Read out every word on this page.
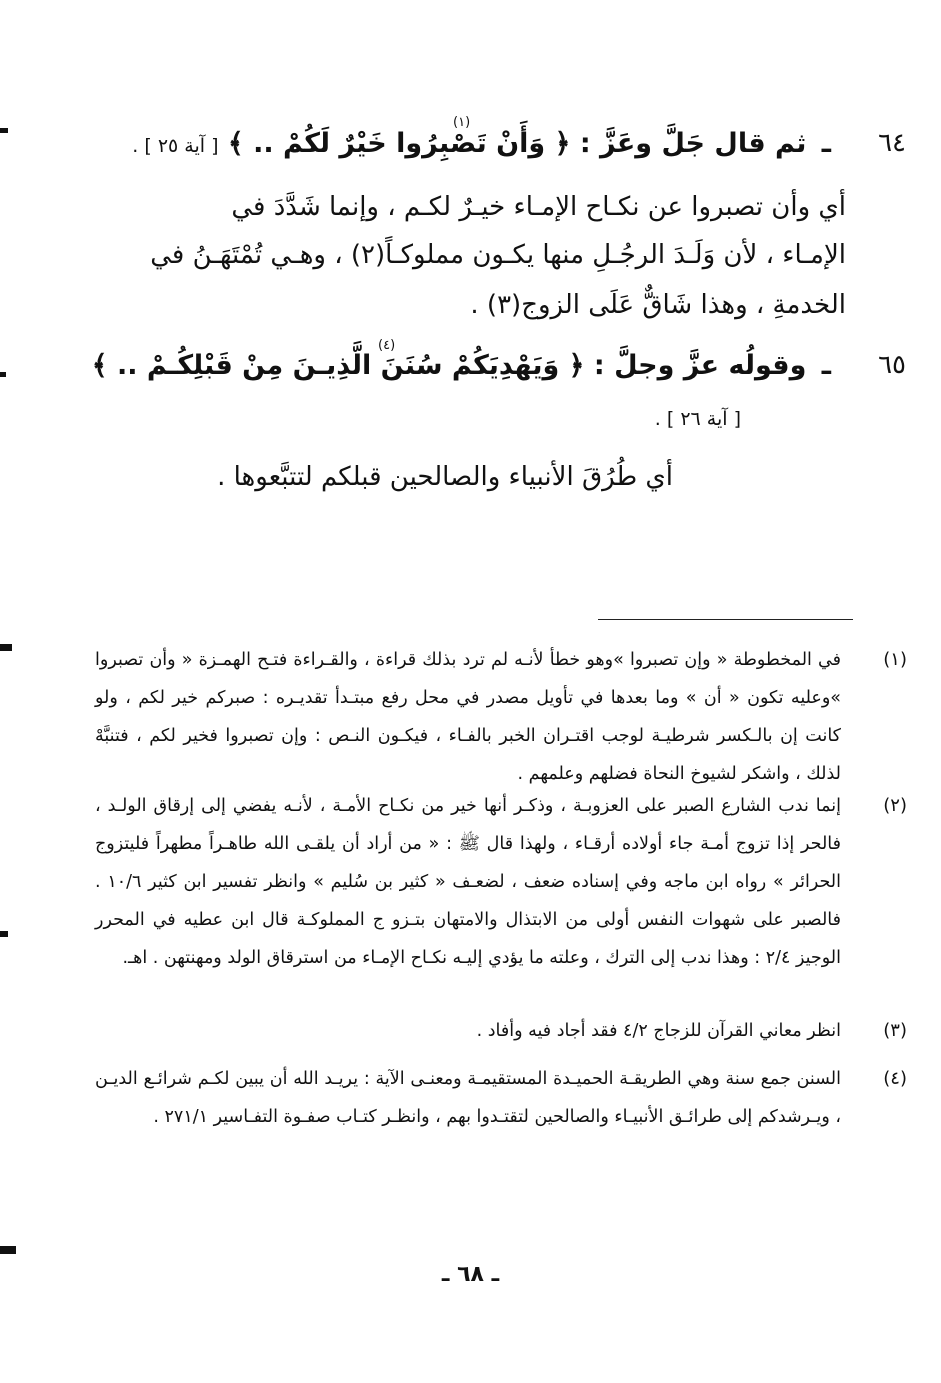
٦٤
ـ ثم قال جَلَّ وعَزَّ : ﴿ وَأَنْ تَصْبِرُوا خَيْرٌ لَكُمْ .. ﴾ [ آية ٢٥ ] .
(١)
أي وأن تصبروا عن نكـاح الإمـاء خيـرٌ لكـم ، وإنما شَدَّدَ في
الإمـاء ، لأن وَلَـدَ الرجُـلِ منها يكـون مملوكـاً(٢) ، وهـي تُمْتَهَـنُ في
الخدمةِ ، وهذا شَاقٌّ عَلَى الزوج(٣) .
٦٥
ـ وقولُه عزَّ وجلَّ : ﴿ وَيَهْدِيَكُمْ سُنَنَ الَّذِيـنَ مِنْ قَبْلِكُـمْ .. ﴾
(٤)
[ آية ٢٦ ] .
أي طُرُقَ الأنبياء والصالحين قبلكم لتتبَّعوها .
(١)
في المخطوطة « وإن تصبروا »وهو خطأ لأنـه لم ترد بذلك قراءة ، والقـراءة فتـح الهمـزة « وأن تصبروا »وعليه تكون « أن » وما بعدها في تأويل مصدر في محل رفع مبتـدأ تقديـره : صبركم خير لكم ، ولو كانت إن بالـكسر شرطيـة لوجب اقتـران الخبر بالفـاء ، فيكـون النـص : وإن تصبروا فخير لكم ، فتنبَّهْ لذلك ، واشكر لشيوخ النحاة فضلهم وعلمهم .
(٢)
إنما ندب الشارع الصبر على العزوبـة ، وذكـر أنها خير من نكـاح الأمـة ، لأنـه يفضي إلى إرقاق الولـد ، فالحر إذا تزوج أمـة جاء أولاده أرقـاء ، ولهذا قال ﷺ : « من أراد أن يلقـى الله طاهـراً مطهراً فليتزوج الحرائر » رواه ابن ماجه وفي إسناده ضعف ، لضعـف « كثير بن سُليم » وانظر تفسير ابن كثير ١٠/٦ . فالصبر على شهوات النفس أولى من الابتذال والامتهان بتـزو ج المملوكـة قال ابن عطيه في المحرر الوجيز ٢/٤ : وهذا ندب إلى الترك ، وعلته ما يؤدي إليـه نكـاح الإمـاء من استرقاق الولد ومهنتهن . اهـ.
(٣)
انظر معاني القرآن للزجاج ٤/٢ فقد أجاد فيه وأفاد .
(٤)
السنن جمع سنة وهي الطريقـة الحميـدة المستقيمـة ومعنـى الآية : يريـد الله أن يبين لكـم شرائـع الديـن ، ويـرشدكم إلى طرائـق الأنبيـاء والصالحين لتقتـدوا بهم ، وانظـر كتـاب صفـوة التفـاسير ٢٧١/١ .
ـ ٦٨ ـ
